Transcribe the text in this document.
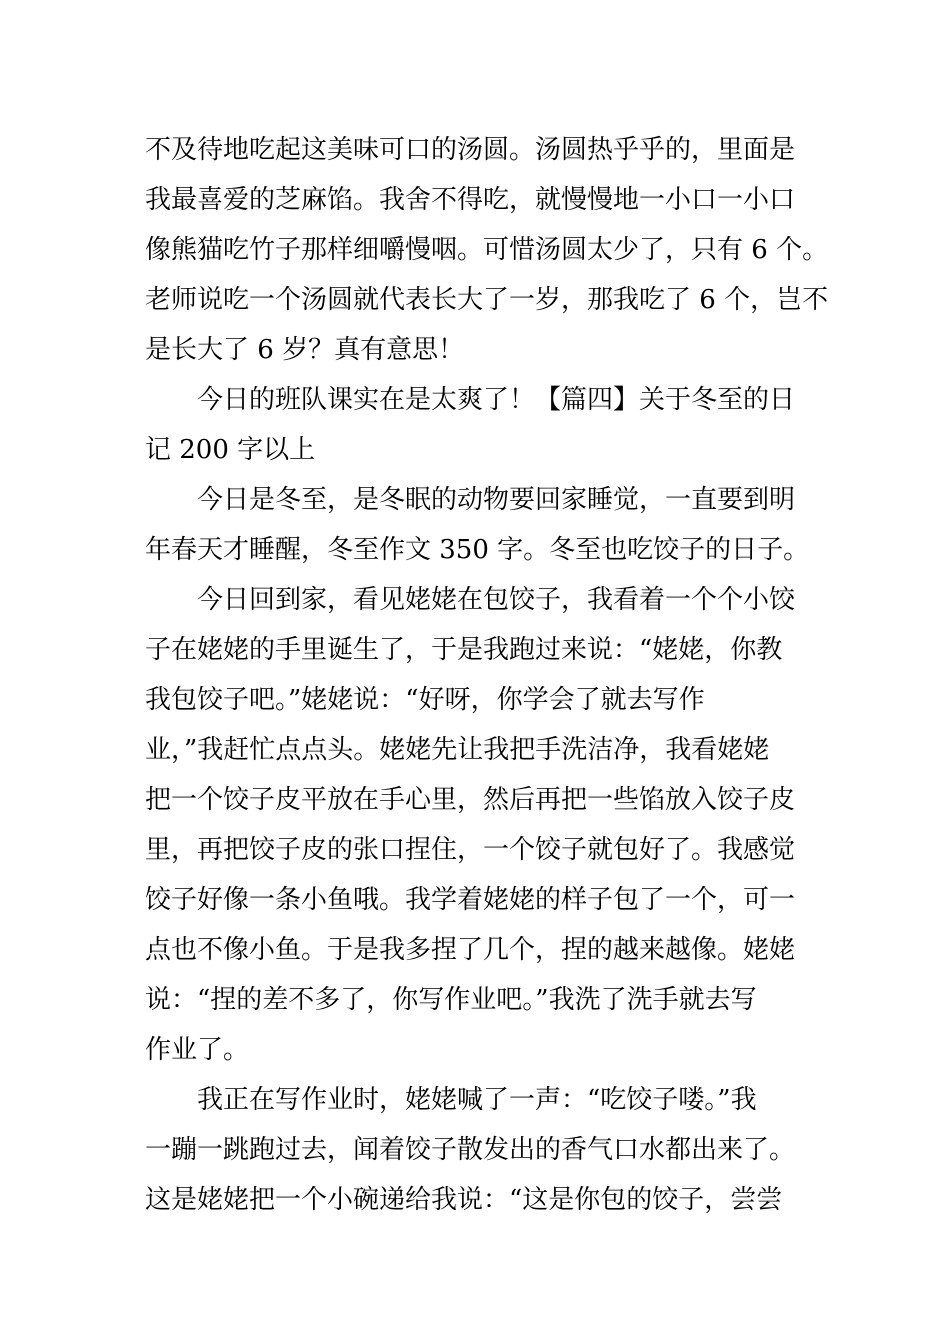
不及待地吃起这美味可口的汤圆。汤圆热乎乎的，里面是
我最喜爱的芝麻馅。我舍不得吃，就慢慢地一小口一小口
像熊猫吃竹子那样细嚼慢咽。可惜汤圆太少了，只有 6 个。
老师说吃一个汤圆就代表长大了一岁，那我吃了 6 个，岂不
是长大了 6 岁？真有意思！
今日的班队课实在是太爽了！【篇四】关于冬至的日
记 200 字以上
今日是冬至，是冬眠的动物要回家睡觉，一直要到明
年春天才睡醒，冬至作文 350 字。冬至也吃饺子的日子。
今日回到家，看见姥姥在包饺子，我看着一个个小饺
子在姥姥的手里诞生了，于是我跑过来说：“姥姥，你教
我包饺子吧。”姥姥说：“好呀，你学会了就去写作
业，”我赶忙点点头。姥姥先让我把手洗洁净，我看姥姥
把一个饺子皮平放在手心里，然后再把一些馅放入饺子皮
里，再把饺子皮的张口捏住，一个饺子就包好了。我感觉
饺子好像一条小鱼哦。我学着姥姥的样子包了一个，可一
点也不像小鱼。于是我多捏了几个，捏的越来越像。姥姥
说：“捏的差不多了，你写作业吧。”我洗了洗手就去写
作业了。
我正在写作业时，姥姥喊了一声：“吃饺子喽。”我
一蹦一跳跑过去，闻着饺子散发出的香气口水都出来了。
这是姥姥把一个小碗递给我说：“这是你包的饺子，尝尝
